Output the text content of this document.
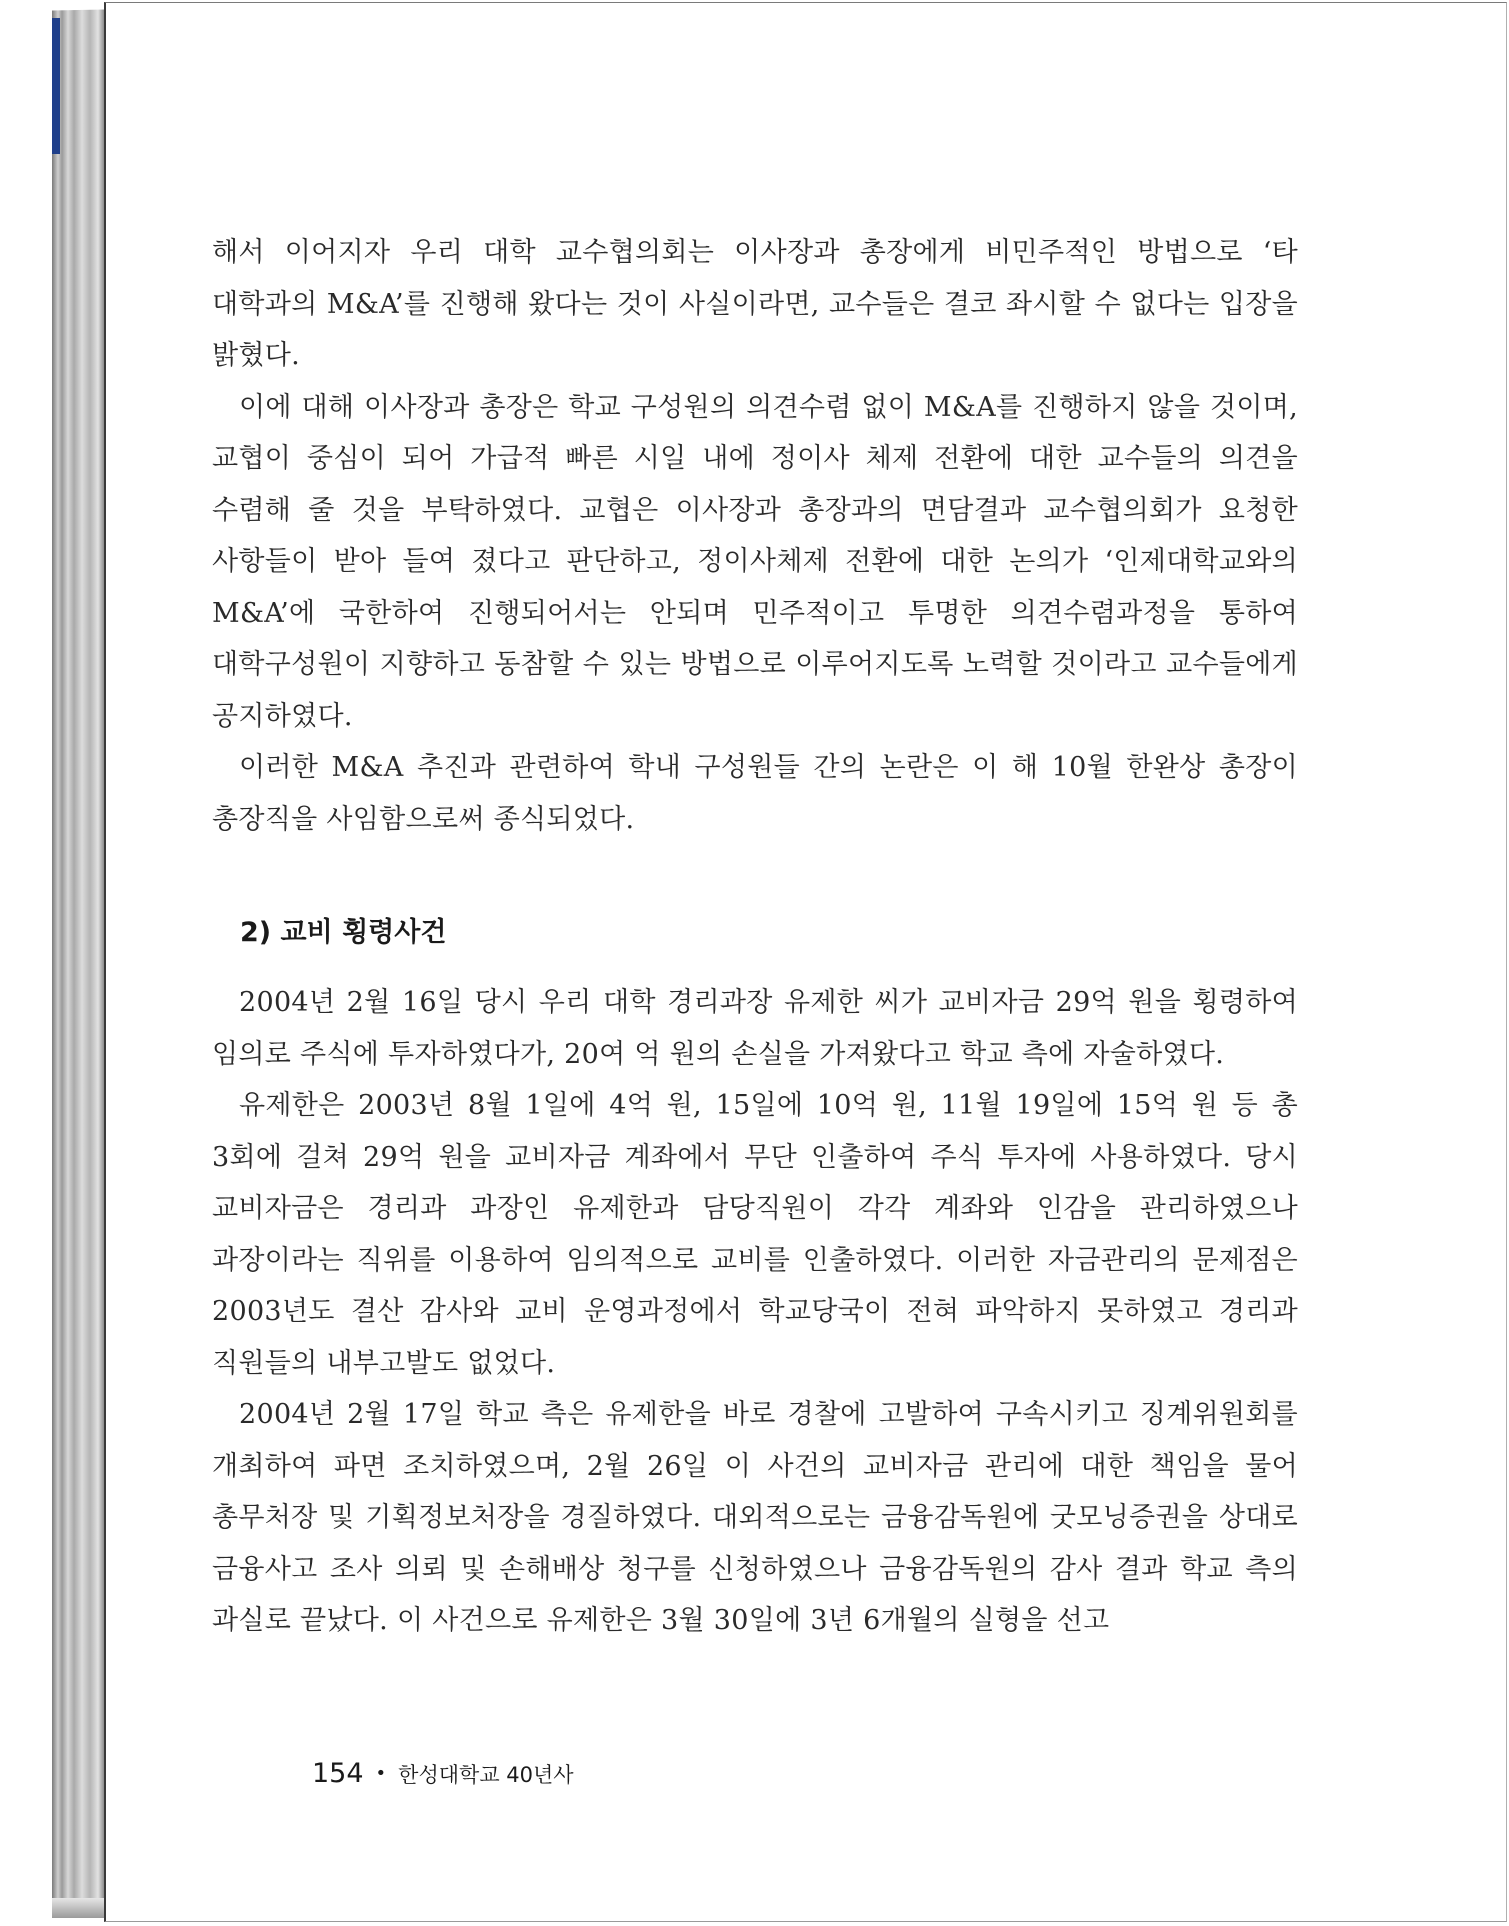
해서 이어지자 우리 대학 교수협의회는 이사장과 총장에게 비민주적인 방법으로 ‘타 대학과의 M&A’를 진행해 왔다는 것이 사실이라면, 교수들은 결코 좌시할 수 없다는 입장을 밝혔다.

이에 대해 이사장과 총장은 학교 구성원의 의견수렴 없이 M&A를 진행하지 않을 것이며, 교협이 중심이 되어 가급적 빠른 시일 내에 정이사 체제 전환에 대한 교수들의 의견을 수렴해 줄 것을 부탁하였다. 교협은 이사장과 총장과의 면담결과 교수협의회가 요청한 사항들이 받아 들여 졌다고 판단하고, 정이사체제 전환에 대한 논의가 ‘인제대학교와의 M&A’에 국한하여 진행되어서는 안되며 민주적이고 투명한 의견수렴과정을 통하여 대학구성원이 지향하고 동참할 수 있는 방법으로 이루어지도록 노력할 것이라고 교수들에게 공지하였다.

이러한 M&A 추진과 관련하여 학내 구성원들 간의 논란은 이 해 10월 한완상 총장이 총장직을 사임함으로써 종식되었다.

2) 교비 횡령사건

2004년 2월 16일 당시 우리 대학 경리과장 유제한 씨가 교비자금 29억 원을 횡령하여 임의로 주식에 투자하였다가, 20여 억 원의 손실을 가져왔다고 학교 측에 자술하였다.

유제한은 2003년 8월 1일에 4억 원, 15일에 10억 원, 11월 19일에 15억 원 등 총 3회에 걸쳐 29억 원을 교비자금 계좌에서 무단 인출하여 주식 투자에 사용하였다. 당시 교비자금은 경리과 과장인 유제한과 담당직원이 각각 계좌와 인감을 관리하였으나 과장이라는 직위를 이용하여 임의적으로 교비를 인출하였다. 이러한 자금관리의 문제점은 2003년도 결산 감사와 교비 운영과정에서 학교당국이 전혀 파악하지 못하였고 경리과 직원들의 내부고발도 없었다.

2004년 2월 17일 학교 측은 유제한을 바로 경찰에 고발하여 구속시키고 징계위원회를 개최하여 파면 조치하였으며, 2월 26일 이 사건의 교비자금 관리에 대한 책임을 물어 총무처장 및 기획정보처장을 경질하였다. 대외적으로는 금융감독원에 굿모닝증권을 상대로 금융사고 조사 의뢰 및 손해배상 청구를 신청하였으나 금융감독원의 감사 결과 학교 측의 과실로 끝났다. 이 사건으로 유제한은 3월 30일에 3년 6개월의 실형을 선고

154 • 한성대학교 40년사
